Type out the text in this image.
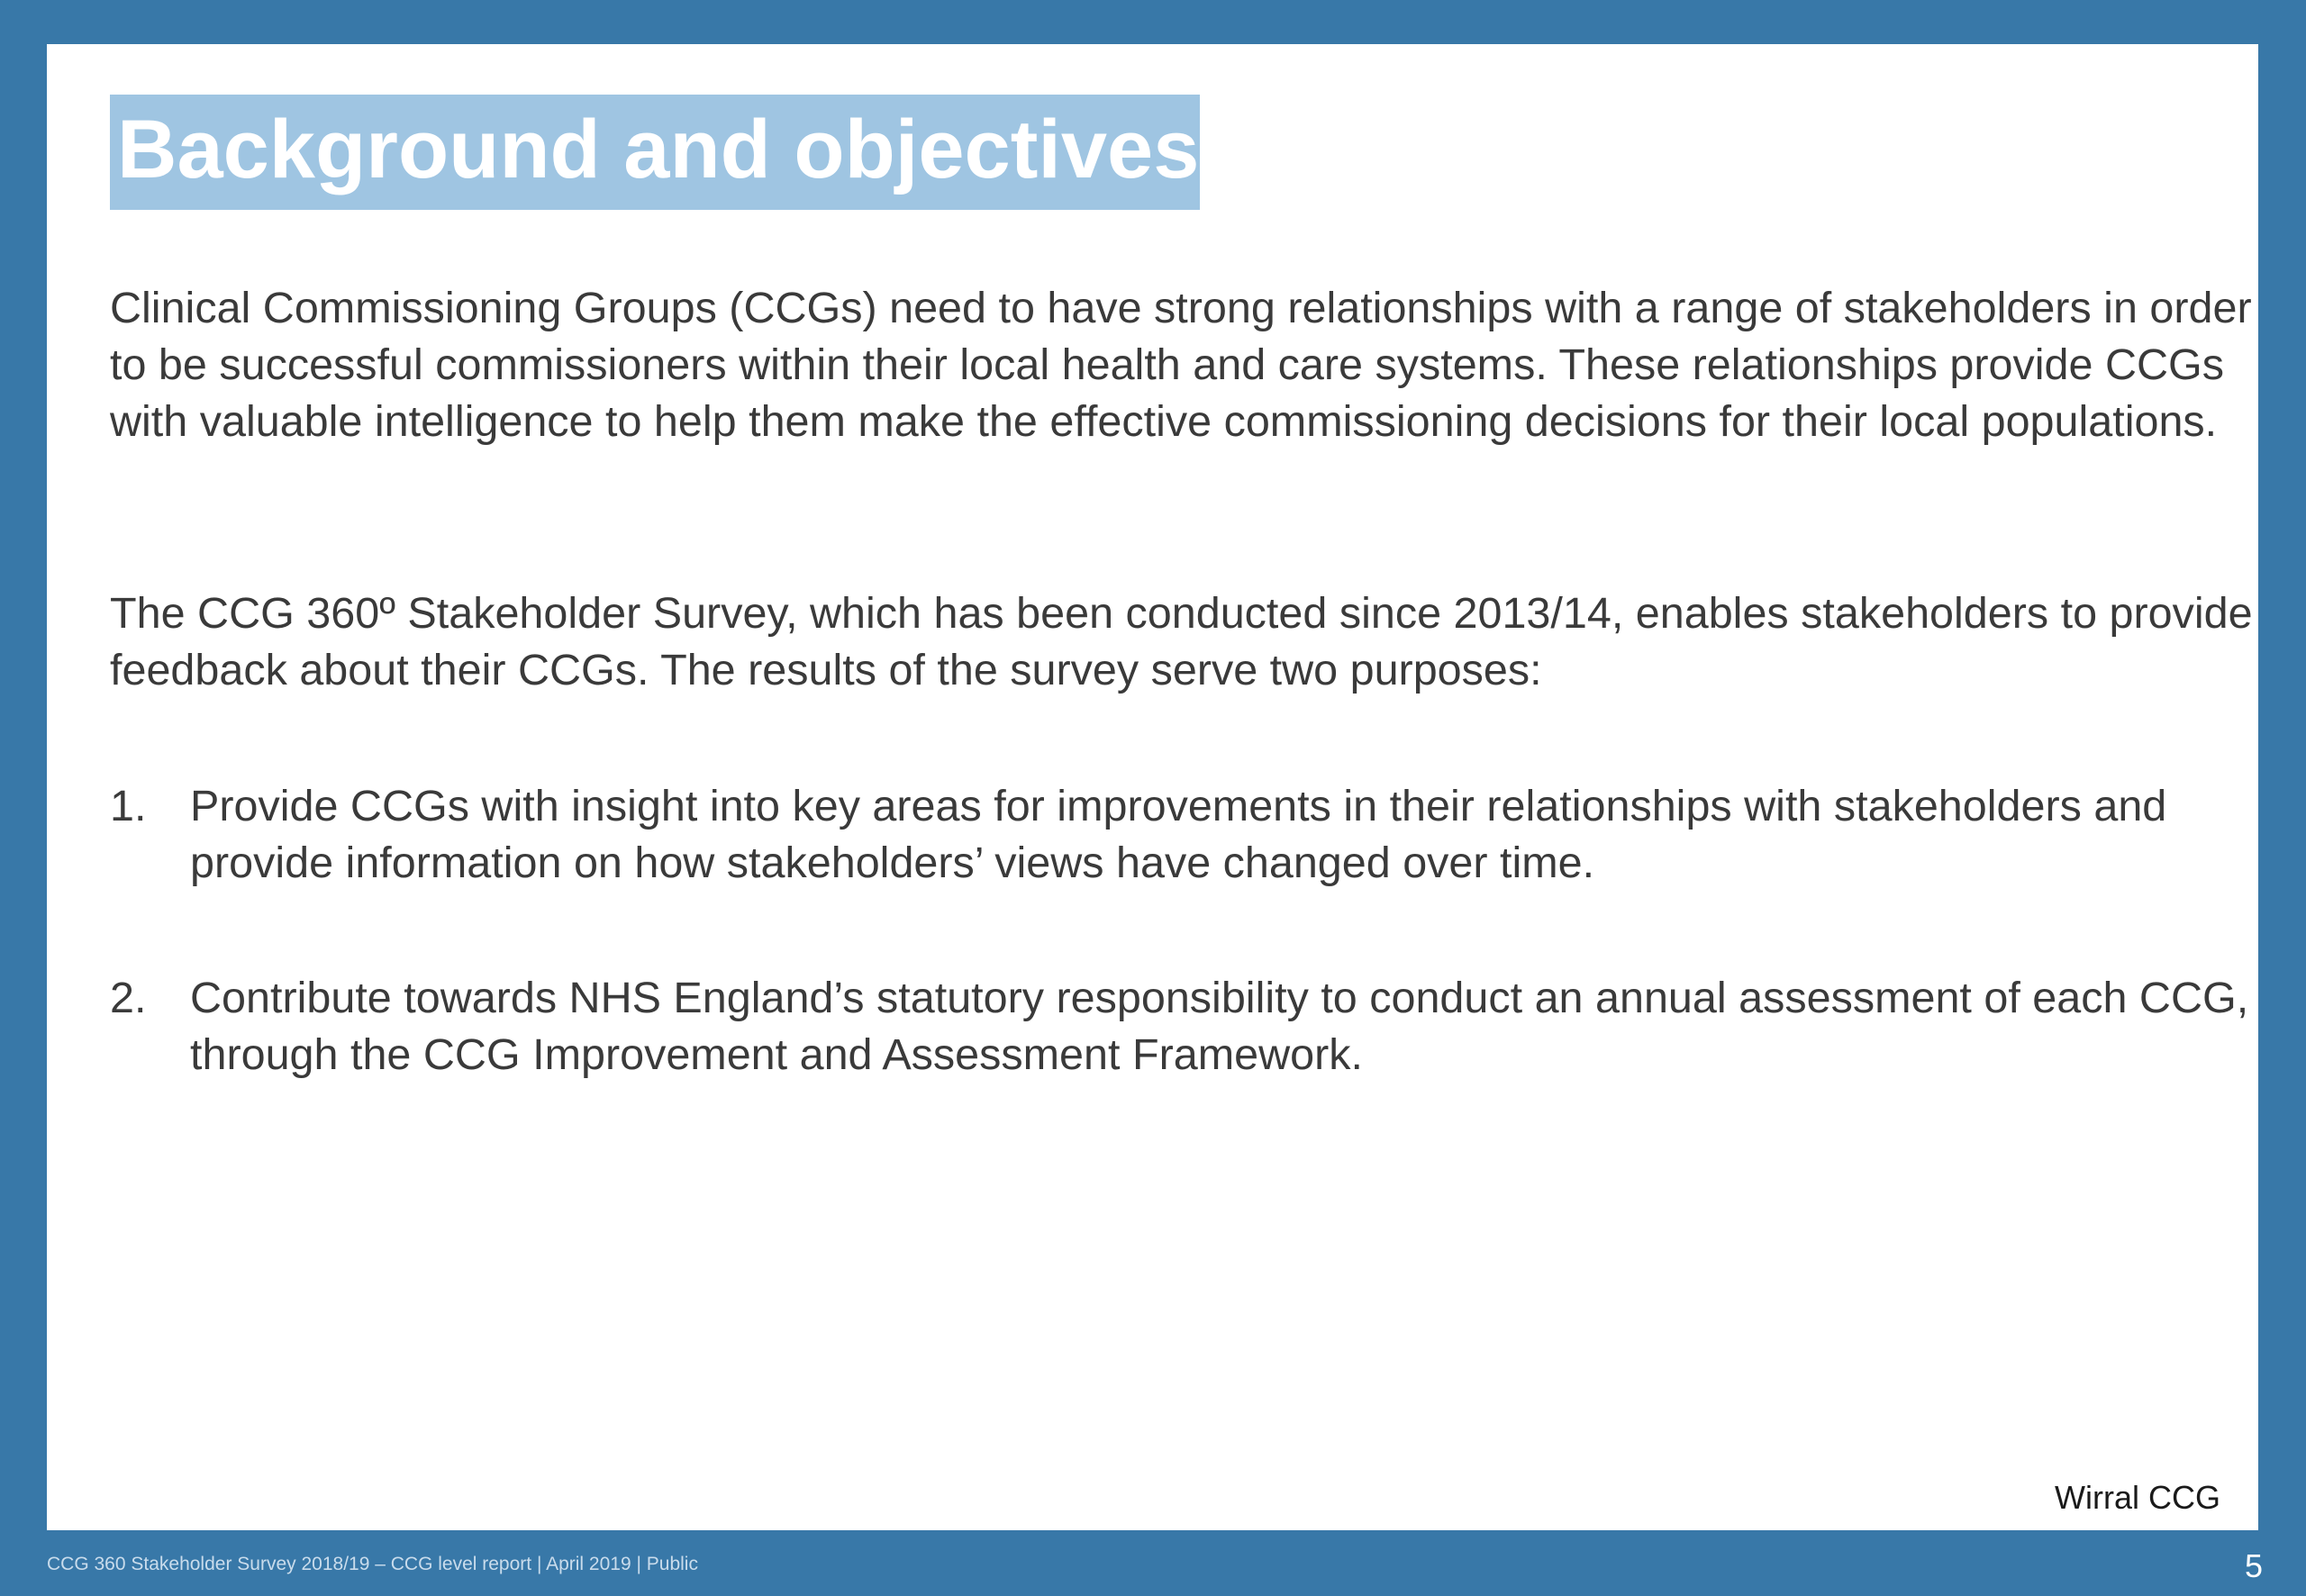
Background and objectives

Clinical Commissioning Groups (CCGs) need to have strong relationships with a range of stakeholders in order to be successful commissioners within their local health and care systems. These relationships provide CCGs with valuable intelligence to help them make the effective commissioning decisions for their local populations.

The CCG 360º Stakeholder Survey, which has been conducted since 2013/14, enables stakeholders to provide feedback about their CCGs. The results of the survey serve two purposes:

1.	Provide CCGs with insight into key areas for improvements in their relationships with stakeholders and provide information on how stakeholders’ views have changed over time.
2.	Contribute towards NHS England’s statutory responsibility to conduct an annual assessment of each CCG, through the CCG Improvement and Assessment Framework.
Wirral CCG
CCG 360 Stakeholder Survey 2018/19 – CCG level report | April 2019 | Public	5
